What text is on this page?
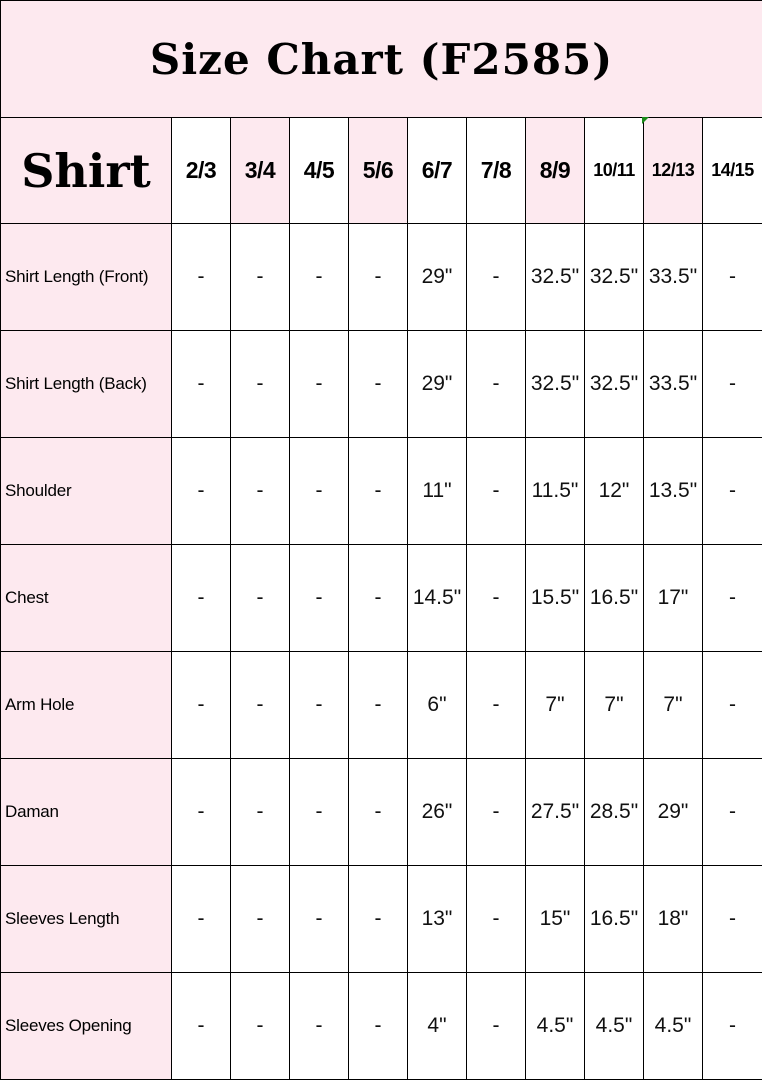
Size Chart (F2585)										
Shirt	2/3	3/4	4/5	5/6	6/7	7/8	8/9	10/11	12/13	14/15
Shirt Length (Front)	-	-	-	-	29"	-	32.5"	32.5"	33.5"	-
Shirt Length (Back)	-	-	-	-	29"	-	32.5"	32.5"	33.5"	-
Shoulder	-	-	-	-	11"	-	11.5"	12"	13.5"	-
Chest	-	-	-	-	14.5"	-	15.5"	16.5"	17"	-
Arm Hole	-	-	-	-	6"	-	7"	7"	7"	-
Daman	-	-	-	-	26"	-	27.5"	28.5"	29"	-
Sleeves Length	-	-	-	-	13"	-	15"	16.5"	18"	-
Sleeves Opening	-	-	-	-	4"	-	4.5"	4.5"	4.5"	-
